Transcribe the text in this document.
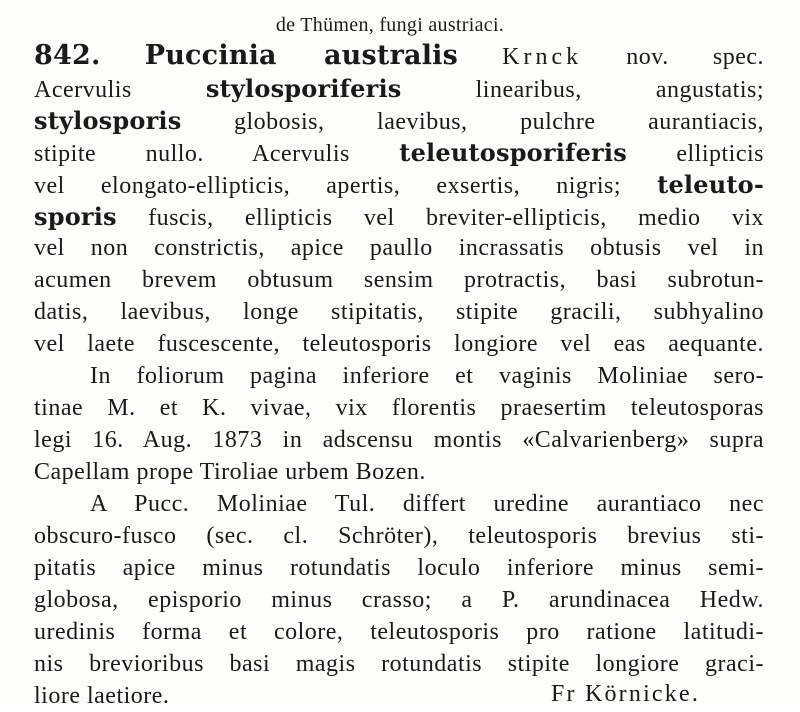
de Thümen, fungi austriaci.
842. Puccinia australis Krnck nov. spec.
Acervulis	stylosporiferis	linearibus, angustatis;
stylosporis globosis, laevibus, pulchre aurantiacis,
stipite nullo. Acervulis teleutosporiferis ellipticis
vel elongato-ellipticis, apertis, exsertis, nigris; teleuto-
sporis fuscis, ellipticis vel breviter-ellipticis, medio vix
vel non constrictis, apice paullo incrassatis obtusis vel in
acumen brevem obtusum sensim protractis, basi subrotun-
datis, laevibus, longe stipitatis, stipite gracili, subhyalino
vel laete fuscescente, teleutosporis longiore vel eas aequante.
In foliorum pagina inferiore et vaginis Moliniae sero-
tinae M. et K. vivae, vix florentis praesertim teleutosporas
legi 16. Aug. 1873 in adscensu montis «Calvarienberg» supra
Capellam prope Tiroliae urbem Bozen.
A Pucc. Moliniae Tul. differt uredine aurantiaco nec
obscuro-fusco (sec. cl. Schröter), teleutosporis brevius sti-
pitatis apice minus rotundatis loculo inferiore minus semi-
globosa, episporio minus crasso; a P. arundinacea Hedw.
uredinis forma et colore, teleutosporis pro ratione latitudi-
nis brevioribus basi magis rotundatis stipite longiore graci-
liore laetiore.	Fr Körnicke.
